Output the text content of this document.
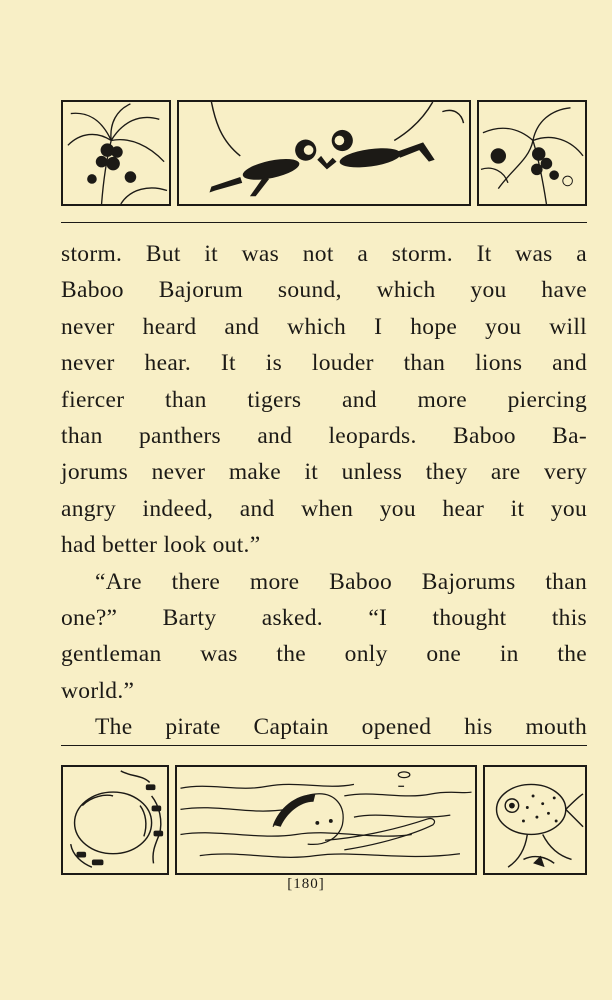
storm. But it was not a storm. It was a
Baboo Bajorum sound, which you have
never heard and which I hope you will
never hear. It is louder than lions and
fiercer than tigers and more piercing
than panthers and leopards. Baboo Ba-
jorums never make it unless they are very
angry indeed, and when you hear it you
had better look out.”
“Are there more Baboo Bajorums than
one?” Barty asked. “I thought this
gentleman was the only one in the
world.”
The pirate Captain opened his mouth

[180]
